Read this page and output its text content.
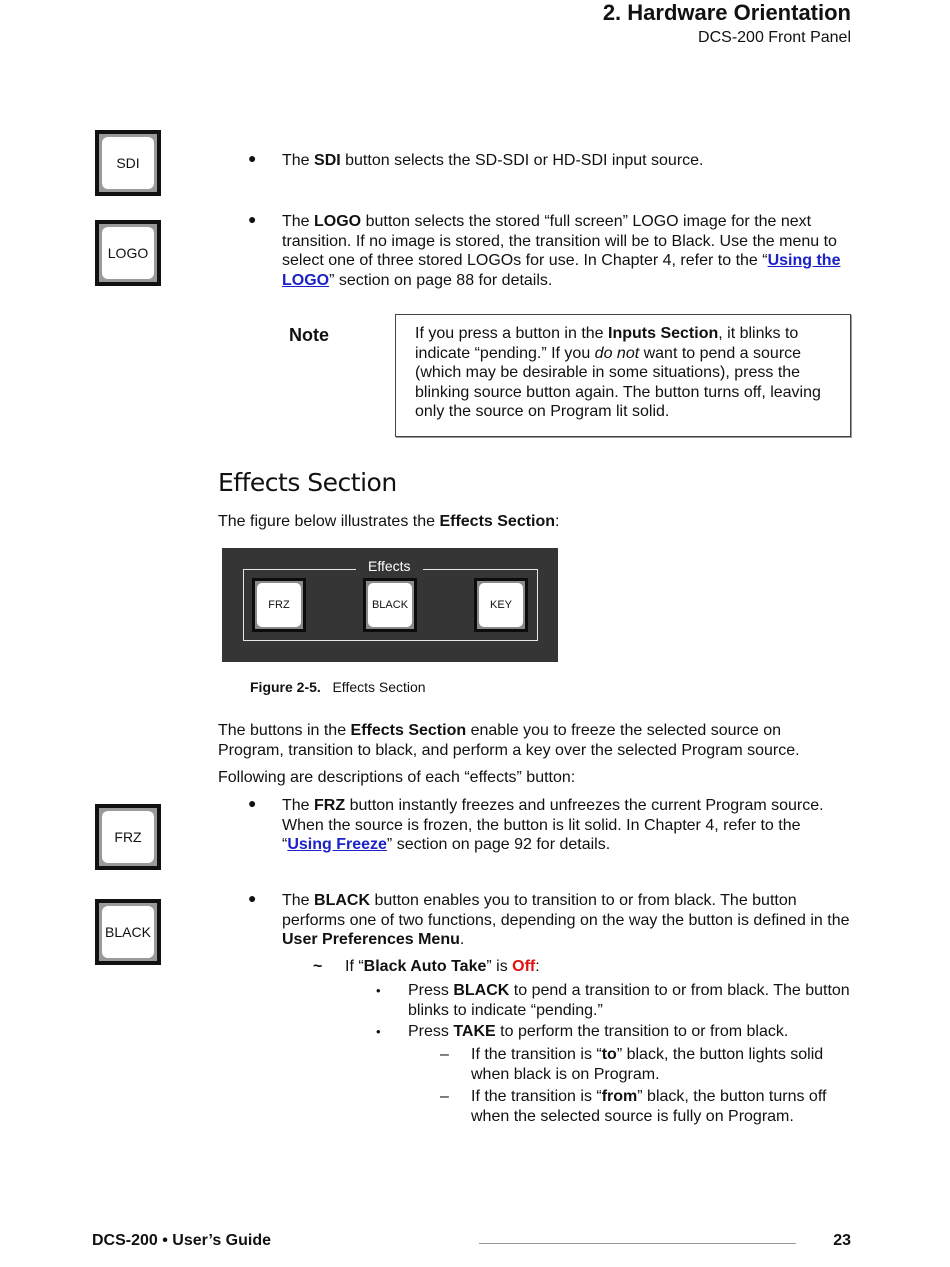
2. Hardware Orientation
DCS-200 Front Panel
SDI	● The SDI button selects the SD-SDI or HD-SDI input source.
LOGO
● The LOGO button selects the stored “full screen” LOGO image for the next transition. If no image is stored, the transition will be to Black. Use the menu to select one of three stored LOGOs for use. In Chapter 4, refer to the “Using the LOGO” section on page 88 for details.
Note	If you press a button in the Inputs Section, it blinks to indicate “pending.” If you do not want to pend a source (which may be desirable in some situations), press the blinking source button again. The button turns off, leaving only the source on Program lit solid.
Effects Section
The figure below illustrates the Effects Section:
Effects
FRZ	BLACK	KEY
Figure 2-5. Effects Section
The buttons in the Effects Section enable you to freeze the selected source on Program, transition to black, and perform a key over the selected Program source.
Following are descriptions of each “effects” button:
FRZ
● The FRZ button instantly freezes and unfreezes the current Program source. When the source is frozen, the button is lit solid. In Chapter 4, refer to the “Using Freeze” section on page 92 for details.
BLACK
● The BLACK button enables you to transition to or from black. The button performs one of two functions, depending on the way the button is defined in the User Preferences Menu.
~ If “Black Auto Take” is Off:
• Press BLACK to pend a transition to or from black. The button blinks to indicate “pending.”
• Press TAKE to perform the transition to or from black.
– If the transition is “to” black, the button lights solid when black is on Program.
– If the transition is “from” black, the button turns off when the selected source is fully on Program.
DCS-200 • User’s Guide	23
